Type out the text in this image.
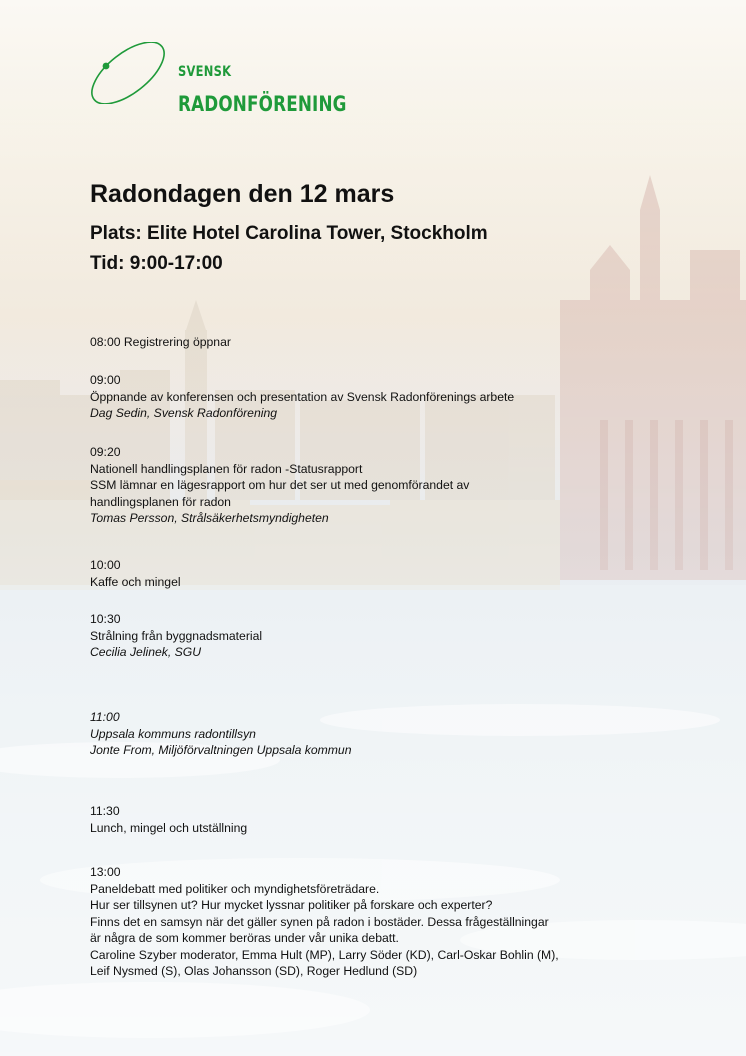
SVENSK
RADONFÖRENING
Radondagen den 12 mars
Plats: Elite Hotel Carolina Tower, Stockholm
Tid: 9:00-17:00
08:00 Registrering öppnar
09:00
Öppnande av konferensen och presentation av Svensk Radonförenings arbete
Dag Sedin, Svensk Radonförening
09:20
Nationell handlingsplanen för radon -Statusrapport
SSM lämnar en lägesrapport om hur det ser ut med genomförandet av
handlingsplanen för radon
Tomas Persson, Strålsäkerhetsmyndigheten
10:00
Kaffe och mingel
10:30
Strålning från byggnadsmaterial
Cecilia Jelinek, SGU
11:00
Uppsala kommuns radontillsyn
Jonte From, Miljöförvaltningen Uppsala kommun
11:30
Lunch, mingel och utställning
13:00
Paneldebatt med politiker och myndighetsföreträdare.
Hur ser tillsynen ut? Hur mycket lyssnar politiker på forskare och experter?
Finns det en samsyn när det gäller synen på radon i bostäder. Dessa frågeställningar
är några de som kommer beröras under vår unika debatt.
Caroline Szyber moderator, Emma Hult (MP), Larry Söder (KD), Carl-Oskar Bohlin (M),
Leif Nysmed (S), Olas Johansson (SD), Roger Hedlund (SD)
